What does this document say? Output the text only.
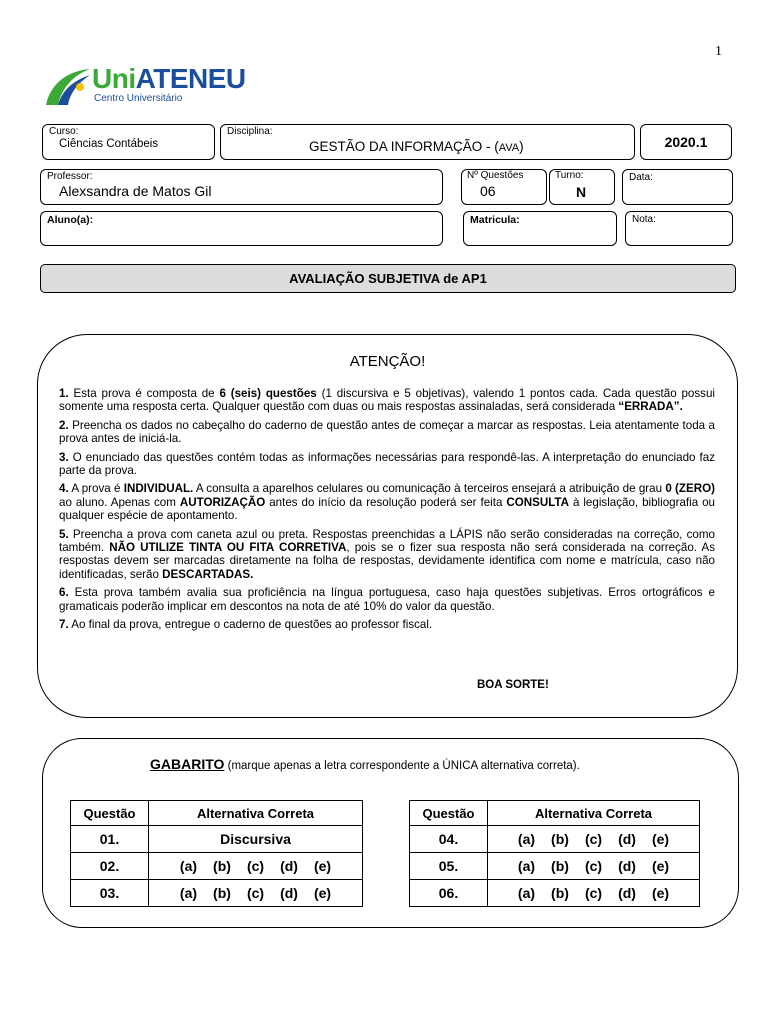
1
UniATENEU
Centro Universitário
Curso:
Ciências Contábeis
Disciplina:
GESTÃO DA INFORMAÇÃO - (AVA)	2020.1
Professor:
Alexsandra de Matos Gil
Nº Questões
06
Turno:
N
Data:
Aluno(a):	Matricula:	Nota:
AVALIAÇÃO SUBJETIVA de AP1
ATENÇÃO!

1. Esta prova é composta de 6 (seis) questões (1 discursiva e 5 objetivas), valendo 1 pontos cada. Cada questão possui somente uma resposta certa. Qualquer questão com duas ou mais respostas assinaladas, será considerada “ERRADA”.

2. Preencha os dados no cabeçalho do caderno de questão antes de começar a marcar as respostas. Leia atentamente toda a prova antes de iniciá-la.

3. O enunciado das questões contém todas as informações necessárias para respondê-las. A interpretação do enunciado faz parte da prova.

4. A prova é INDIVIDUAL. A consulta a aparelhos celulares ou comunicação à terceiros ensejará a atribuição de grau 0 (ZERO) ao aluno. Apenas com AUTORIZAÇÃO antes do início da resolução poderá ser feita CONSULTA à legislação, bibliografia ou qualquer espécie de apontamento.

5. Preencha a prova com caneta azul ou preta. Respostas preenchidas a LÁPIS não serão consideradas na correção, como também. NÃO UTILIZE TINTA OU FITA CORRETIVA, pois se o fizer sua resposta não será considerada na correção. As respostas devem ser marcadas diretamente na folha de respostas, devidamente identifica com nome e matrícula, caso não identificadas, serão DESCARTADAS.

6. Esta prova também avalia sua proficiência na língua portuguesa, caso haja questões subjetivas. Erros ortográficos e gramaticais poderão implicar em descontos na nota de até 10% do valor da questão.

7. Ao final da prova, entregue o caderno de questões ao professor fiscal.

BOA SORTE!
GABARITO (marque apenas a letra correspondente a ÚNICA alternativa correta).
Questão	Alternativa Correta
01.	Discursiva
02.	(a) (b) (c) (d) (e)
03.	(a) (b) (c) (d) (e)
Questão	Alternativa Correta
04.	(a) (b) (c) (d) (e)
05.	(a) (b) (c) (d) (e)
06.	(a) (b) (c) (d) (e)
